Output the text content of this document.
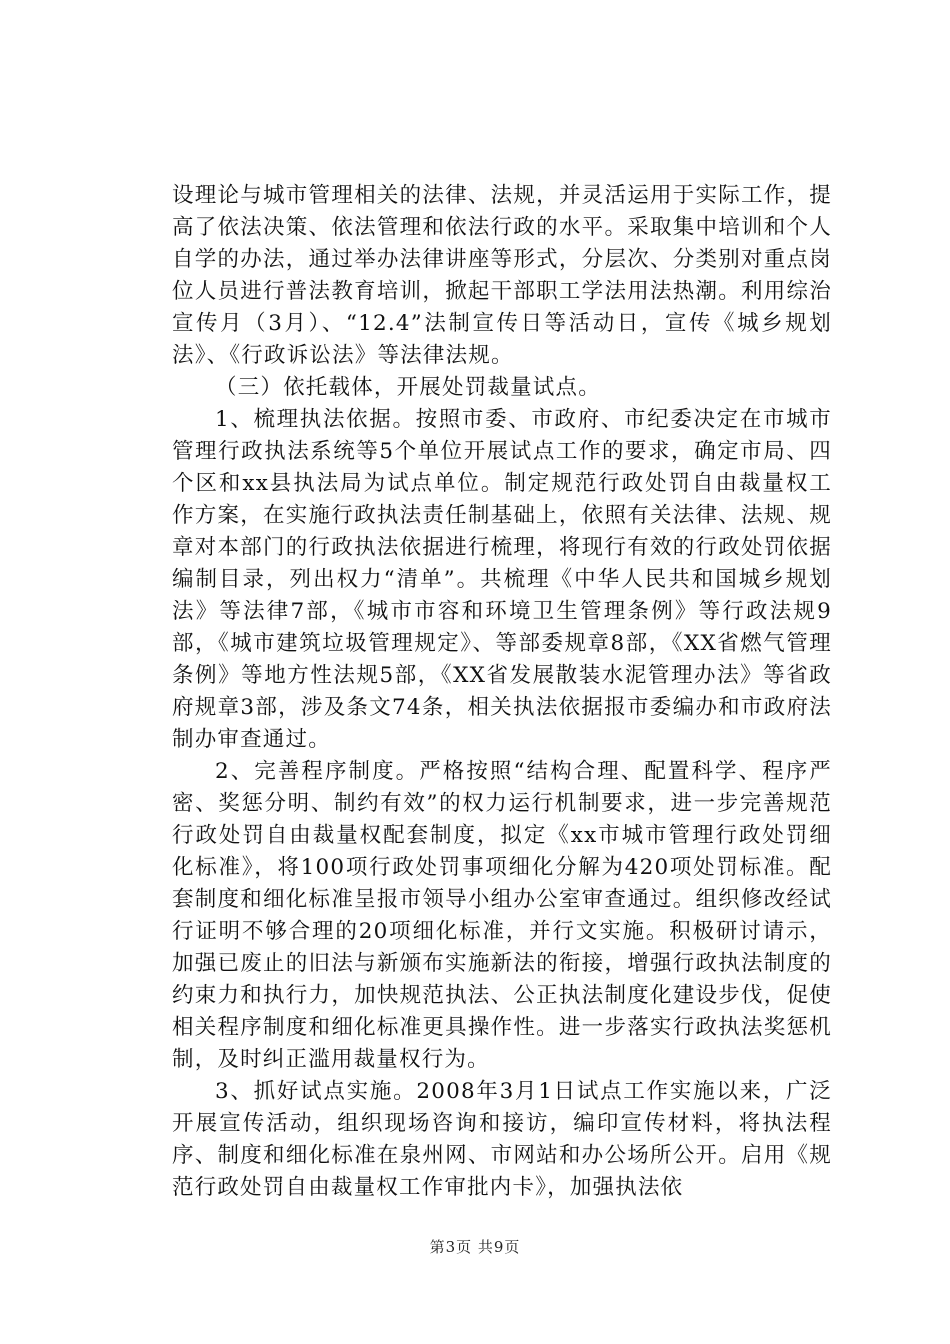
设理论与城市管理相关的法律、法规，并灵活运用于实际工作，提高了依法决策、依法管理和依法行政的水平。采取集中培训和个人自学的办法，通过举办法律讲座等形式，分层次、分类别对重点岗位人员进行普法教育培训，掀起干部职工学法用法热潮。利用综治宣传月（3月）、“12.4”法制宣传日等活动日，宣传《城乡规划法》、《行政诉讼法》等法律法规。

（三）依托载体，开展处罚裁量试点。

1、梳理执法依据。按照市委、市政府、市纪委决定在市城市管理行政执法系统等5个单位开展试点工作的要求，确定市局、四个区和xx县执法局为试点单位。制定规范行政处罚自由裁量权工作方案，在实施行政执法责任制基础上，依照有关法律、法规、规章对本部门的行政执法依据进行梳理，将现行有效的行政处罚依据编制目录，列出权力“清单”。共梳理《中华人民共和国城乡规划法》等法律7部，《城市市容和环境卫生管理条例》等行政法规9部，《城市建筑垃圾管理规定》、等部委规章8部，《XX省燃气管理条例》等地方性法规5部，《XX省发展散装水泥管理办法》等省政府规章3部，涉及条文74条，相关执法依据报市委编办和市政府法制办审查通过。

2、完善程序制度。严格按照“结构合理、配置科学、程序严密、奖惩分明、制约有效”的权力运行机制要求，进一步完善规范行政处罚自由裁量权配套制度，拟定《xx市城市管理行政处罚细化标准》，将100项行政处罚事项细化分解为420项处罚标准。配套制度和细化标准呈报市领导小组办公室审查通过。组织修改经试行证明不够合理的20项细化标准，并行文实施。积极研讨请示，加强已废止的旧法与新颁布实施新法的衔接，增强行政执法制度的约束力和执行力，加快规范执法、公正执法制度化建设步伐，促使相关程序制度和细化标准更具操作性。进一步落实行政执法奖惩机制，及时纠正滥用裁量权行为。

3、抓好试点实施。2008年3月1日试点工作实施以来，广泛开展宣传活动，组织现场咨询和接访，编印宣传材料，将执法程序、制度和细化标准在泉州网、市网站和办公场所公开。启用《规范行政处罚自由裁量权工作审批内卡》，加强执法依

第3页 共9页
